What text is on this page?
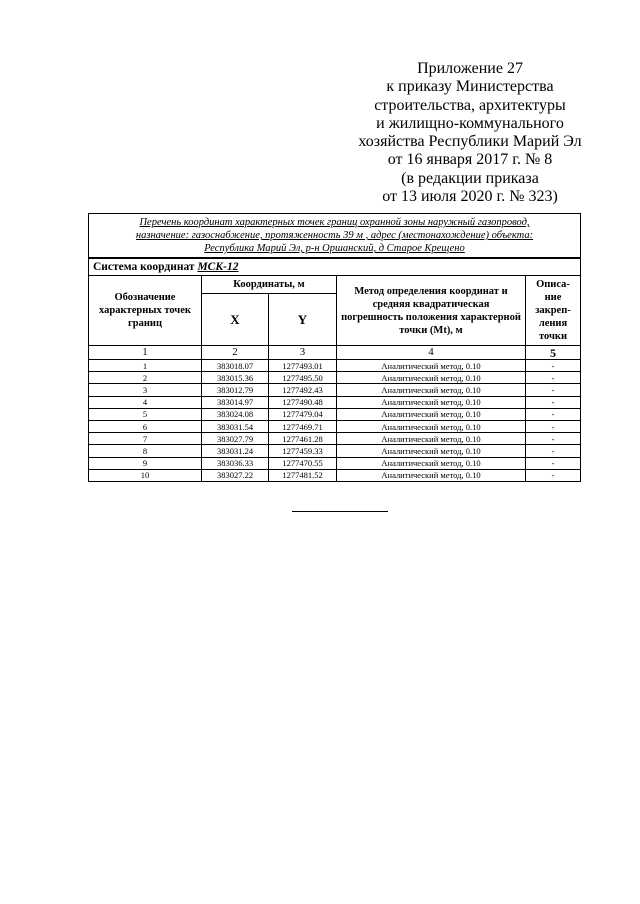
Приложение 27
к приказу Министерства
строительства, архитектуры
и жилищно-коммунального
хозяйства Республики Марий Эл
от 16 января 2017 г. № 8
(в редакции приказа
от 13 июля 2020 г. № 323)
Перечень координат характерных точек границ охранной зоны наружный газопровод,
назначение: газоснабжение, протяженность 39 м , адрес (местонахождение) объекта:
Республика Марий Эл, р-н Оршанский, д Старое Крещено				

Система координат МСК-12				
Обозначение характерных точек границ	Координаты, м		Метод определения координат и средняя квадратическая погрешность положения характерной точки (Mt), м	Описа-ние закреп-ления точки
	X	Y		
1	2	3	4	5
1	383018.07	1277493.01	Аналитический метод, 0.10	-
2	383015.36	1277495.50	Аналитический метод, 0.10	-
3	383012.79	1277492.43	Аналитический метод, 0.10	-
4	383014.97	1277490.48	Аналитический метод, 0.10	-
5	383024.08	1277479.04	Аналитический метод, 0.10	-
6	383031.54	1277469.71	Аналитический метод, 0.10	-
7	383027.79	1277461.28	Аналитический метод, 0.10	-
8	383031.24	1277459.33	Аналитический метод, 0.10	-
9	383036.33	1277470.55	Аналитический метод, 0.10	-
10	383027.22	1277481.52	Аналитический метод, 0.10	-
